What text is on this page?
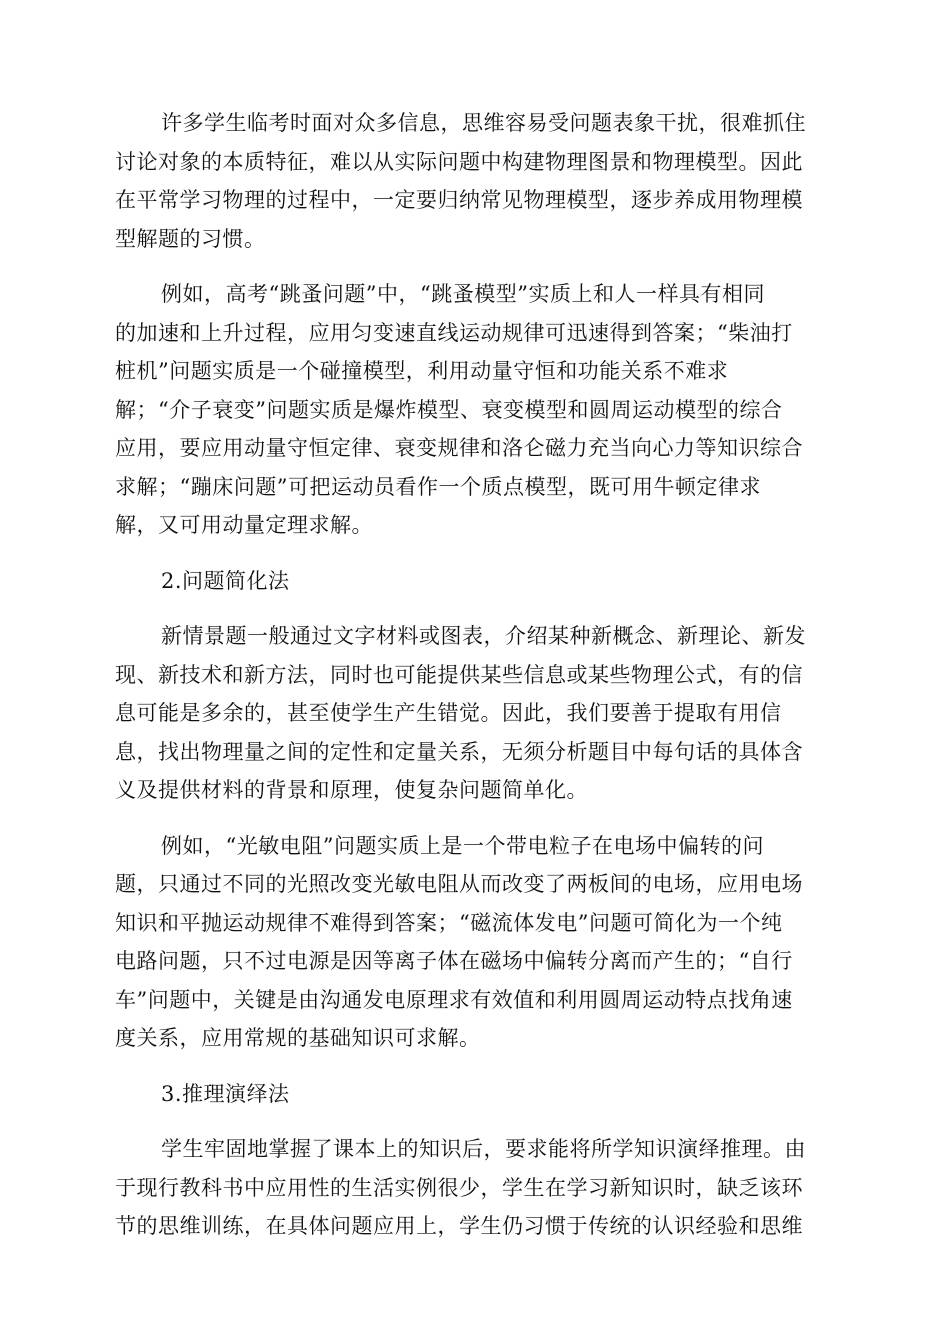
许多学生临考时面对众多信息，思维容易受问题表象干扰，很难抓住
讨论对象的本质特征，难以从实际问题中构建物理图景和物理模型。因此
在平常学习物理的过程中，一定要归纳常见物理模型，逐步养成用物理模
型解题的习惯。

例如，高考“跳蚤问题”中，“跳蚤模型”实质上和人一样具有相同
的加速和上升过程，应用匀变速直线运动规律可迅速得到答案；“柴油打
桩机”问题实质是一个碰撞模型，利用动量守恒和功能关系不难求
解；“介子衰变”问题实质是爆炸模型、衰变模型和圆周运动模型的综合
应用，要应用动量守恒定律、衰变规律和洛仑磁力充当向心力等知识综合
求解；“蹦床问题”可把运动员看作一个质点模型，既可用牛顿定律求
解，又可用动量定理求解。

2.问题简化法

新情景题一般通过文字材料或图表，介绍某种新概念、新理论、新发
现、新技术和新方法，同时也可能提供某些信息或某些物理公式，有的信
息可能是多余的，甚至使学生产生错觉。因此，我们要善于提取有用信
息，找出物理量之间的定性和定量关系，无须分析题目中每句话的具体含
义及提供材料的背景和原理，使复杂问题简单化。

例如，“光敏电阻”问题实质上是一个带电粒子在电场中偏转的问
题，只通过不同的光照改变光敏电阻从而改变了两板间的电场，应用电场
知识和平抛运动规律不难得到答案；“磁流体发电”问题可简化为一个纯
电路问题，只不过电源是因等离子体在磁场中偏转分离而产生的；“自行
车”问题中，关键是由沟通发电原理求有效值和利用圆周运动特点找角速
度关系，应用常规的基础知识可求解。

3.推理演绎法

学生牢固地掌握了课本上的知识后，要求能将所学知识演绎推理。由
于现行教科书中应用性的生活实例很少，学生在学习新知识时，缺乏该环
节的思维训练，在具体问题应用上，学生仍习惯于传统的认识经验和思维
